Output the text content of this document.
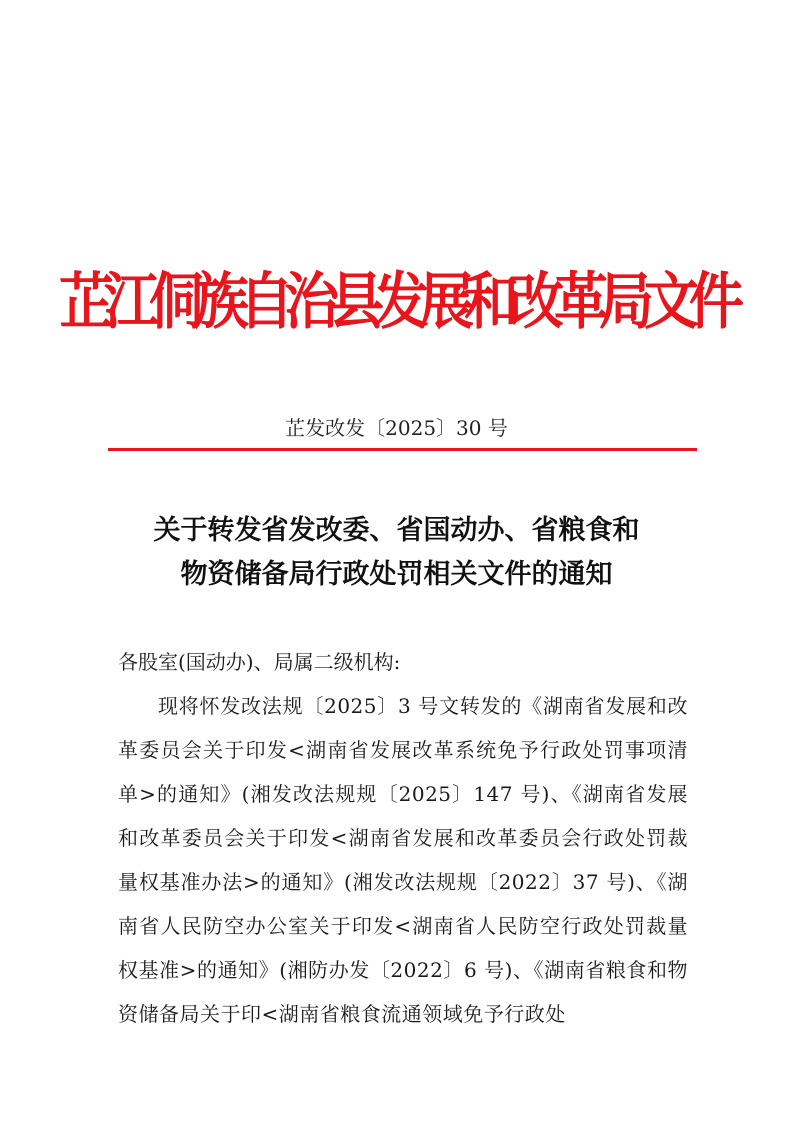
芷江侗族自治县发展和改革局文件
芷发改发〔2025〕30 号
关于转发省发改委、省国动办、省粮食和
物资储备局行政处罚相关文件的通知
各股室(国动办)、局属二级机构:

现将怀发改法规〔2025〕3 号文转发的《湖南省发展和改革委员会关于印发<湖南省发展改革系统免予行政处罚事项清单>的通知》(湘发改法规规〔2025〕147 号)、《湖南省发展和改革委员会关于印发<湖南省发展和改革委员会行政处罚裁量权基准办法>的通知》(湘发改法规规〔2022〕37 号)、《湖南省人民防空办公室关于印发<湖南省人民防空行政处罚裁量权基准>的通知》(湘防办发〔2022〕6 号)、《湖南省粮食和物资储备局关于印<湖南省粮食流通领域免予行政处
